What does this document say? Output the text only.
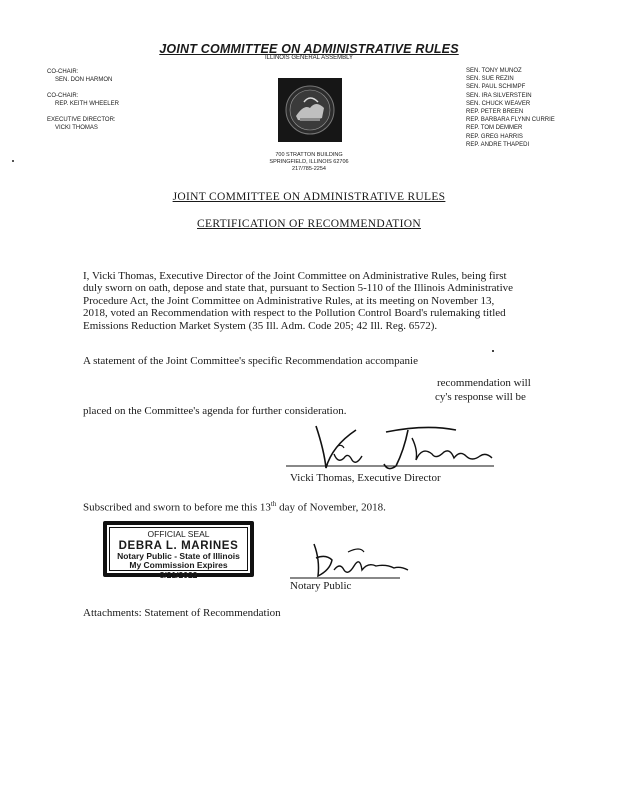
JOINT COMMITTEE ON ADMINISTRATIVE RULES
ILLINOIS GENERAL ASSEMBLY
CO-CHAIR:
SEN. DON HARMON
CO-CHAIR:
REP. KEITH WHEELER
EXECUTIVE DIRECTOR:
VICKI THOMAS
SEN. TONY MUNOZ
SEN. SUE REZIN
SEN. PAUL SCHIMPF
SEN. IRA SILVERSTEIN
SEN. CHUCK WEAVER
REP. PETER BREEN
REP. BARBARA FLYNN CURRIE
REP. TOM DEMMER
REP. GREG HARRIS
REP. ANDRE THAPEDI
700 STRATTON BUILDING
SPRINGFIELD, ILLINOIS 62706
217/785-2254
JOINT COMMITTEE ON ADMINISTRATIVE RULES
CERTIFICATION OF RECOMMENDATION
I, Vicki Thomas, Executive Director of the Joint Committee on Administrative Rules, being first
duly sworn on oath, depose and state that, pursuant to Section 5-110 of the Illinois Administrative
Procedure Act, the Joint Committee on Administrative Rules, at its meeting on November 13,
2018, voted an Recommendation with respect to the Pollution Control Board's rulemaking titled
Emissions Reduction Market System (35 Ill. Adm. Code 205; 42 Ill. Reg. 6572).
A statement of the Joint Committee's specific Recommendation accompanie
recommendation will
cy's response will be
placed on the Committee's agenda for further consideration.
Vicki Thomas, Executive Director
Subscribed and sworn to before me this 13th day of November, 2018.
OFFICIAL SEAL
DEBRA L. MARINES
Notary Public - State of Illinois
My Commission Expires 8/21/2022
Notary Public
Attachments: Statement of Recommendation
